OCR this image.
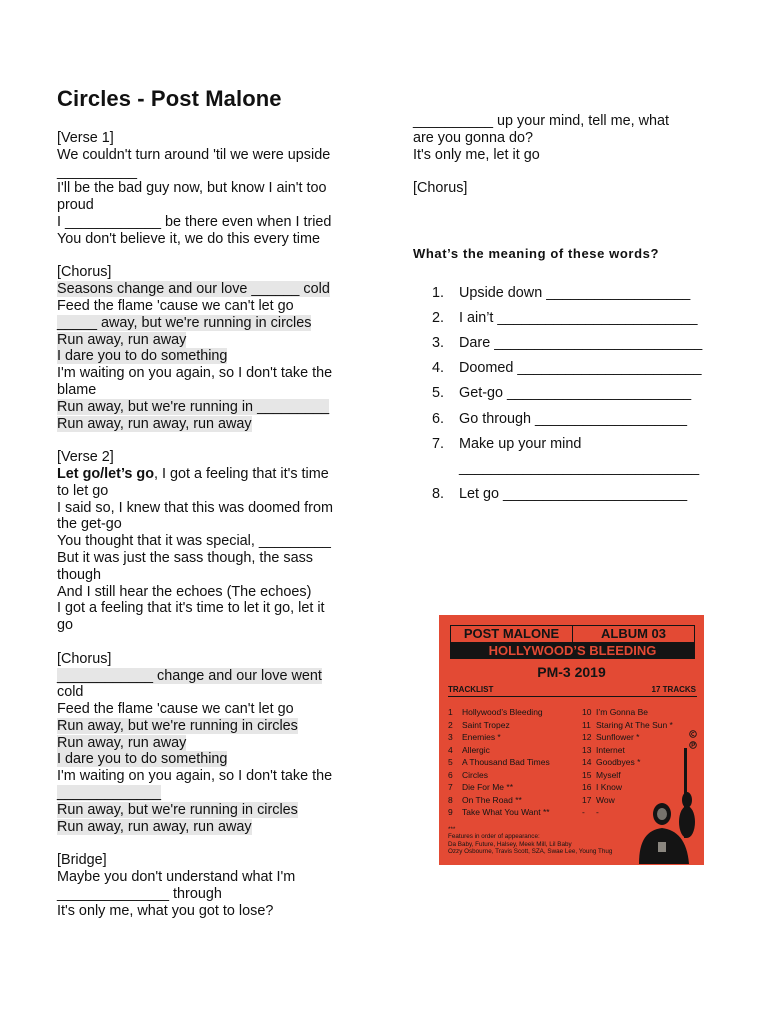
Circles - Post Malone
[Verse 1]
We couldn't turn around 'til we were upside
__________
I'll be the bad guy now, but know I ain't too
proud
I ____________ be there even when I tried
You don't believe it, we do this every time
[Chorus]
Seasons change and our love ______ cold
Feed the flame 'cause we can't let go
_____ away, but we're running in circles
Run away, run away
I dare you to do something
I'm waiting on you again, so I don't take the
blame
Run away, but we're running in _________
Run away, run away, run away
[Verse 2]
Let go/let’s go, I got a feeling that it's time
to let go
I said so, I knew that this was doomed from
the get-go
You thought that it was special, _________
But it was just the sass though, the sass
though
And I still hear the echoes (The echoes)
I got a feeling that it's time to let it go, let it
go
[Chorus]
____________ change and our love went
cold
Feed the flame 'cause we can't let go
Run away, but we're running in circles
Run away, run away
I dare you to do something
I'm waiting on you again, so I don't take the
_____________
Run away, but we're running in circles
Run away, run away, run away
[Bridge]
Maybe you don't understand what I'm
______________ through
It's only me, what you got to lose?
__________ up your mind, tell me, what
are you gonna do?
It's only me, let it go
[Chorus]
What’s the meaning of these words?
1.	Upside down __________________
2.	I ain’t _________________________
3.	Dare __________________________
4.	Doomed _______________________
5.	Get-go _______________________
6.	Go through ___________________
7.	Make up your mind
______________________________
8.	Let go _______________________
POST MALONE	ALBUM 03
HOLLYWOOD’S BLEEDING
PM-3 2019
TRACKLIST	17 TRACKS
1	Hollywood’s Bleeding
2	Saint Tropez
3	Enemies *
4	Allergic
5	A Thousand Bad Times
6	Circles
7	Die For Me **
8	On The Road **
9	Take What You Want **
10 I’m Gonna Be
11 Staring At The Sun *
12 Sunflower *
13 Internet
14 Goodbyes *
15 Myself
16 I Know
17 Wow
-	-
***
Features in order of appearance:
Da Baby, Future, Halsey, Meek Mill, Lil Baby
Ozzy Osbourne, Travis Scott, SZA, Swae Lee, Young Thug
